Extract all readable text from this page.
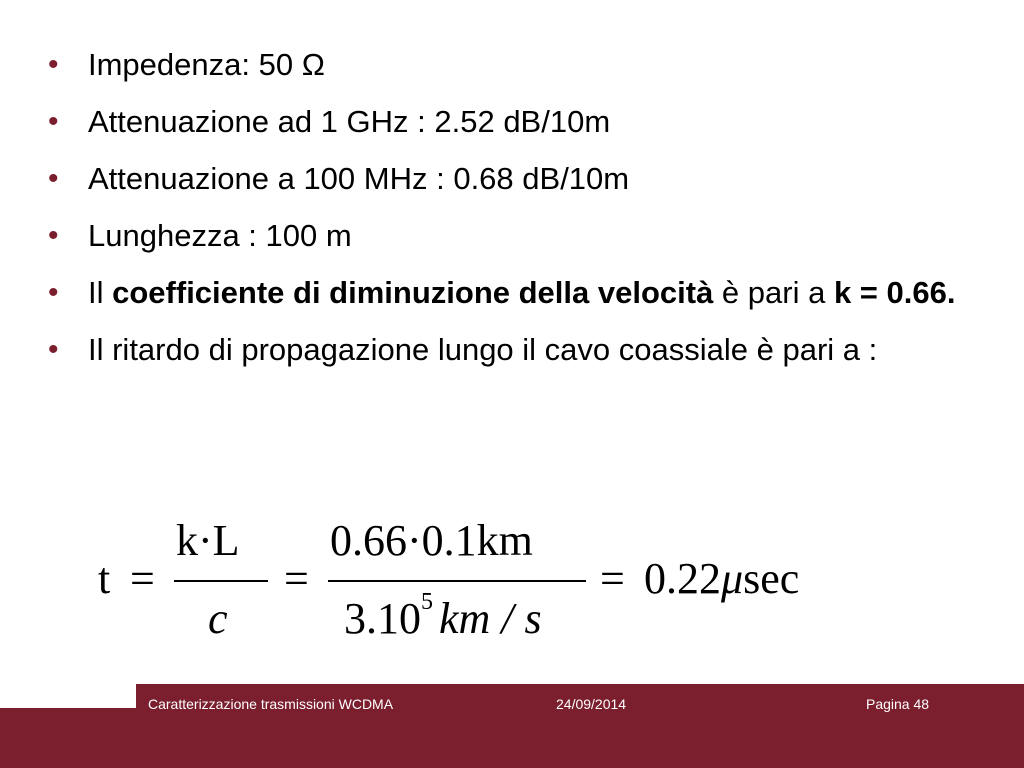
• Impedenza: 50 Ω
• Attenuazione ad 1 GHz : 2.52 dB/10m
• Attenuazione a 100 MHz : 0.68 dB/10m
• Lunghezza : 100 m
• Il coefficiente di diminuzione della velocità è pari a k = 0.66.
• Il ritardo di propagazione lungo il cavo coassiale è pari a :
t =
k·L
c
=
0.66·0.1km
3.10$^5$ km / s
= 0.22μsec
Caratterizzazione trasmissioni WCDMA	24/09/2014	Pagina 48
